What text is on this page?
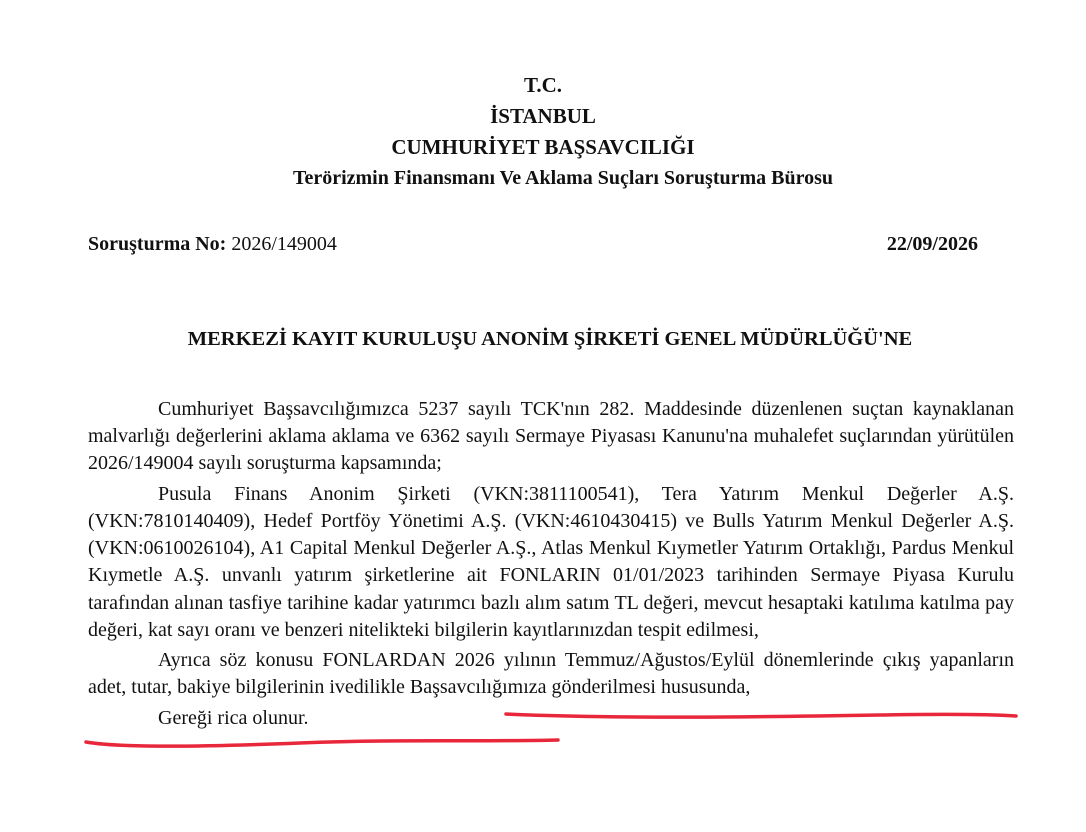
T.C.
İSTANBUL
CUMHURİYET BAŞSAVCILIĞI
Terörizmin Finansmanı Ve Aklama Suçları Soruşturma Bürosu
Soruşturma No: 2026/149004	22/09/2026
MERKEZİ KAYIT KURULUŞU ANONİM ŞİRKETİ GENEL MÜDÜRLÜĞÜ'NE

Cumhuriyet Başsavcılığımızca 5237 sayılı TCK'nın 282. Maddesinde düzenlenen suçtan kaynaklanan malvarlığı değerlerini aklama aklama ve 6362 sayılı Sermaye Piyasası Kanunu'na muhalefet suçlarından yürütülen 2026/149004 sayılı soruşturma kapsamında;

Pusula Finans Anonim Şirketi (VKN:3811100541), Tera Yatırım Menkul Değerler A.Ş. (VKN:7810140409), Hedef Portföy Yönetimi A.Ş. (VKN:4610430415) ve Bulls Yatırım Menkul Değerler A.Ş. (VKN:0610026104), A1 Capital Menkul Değerler A.Ş., Atlas Menkul Kıymetler Yatırım Ortaklığı, Pardus Menkul Kıymetle A.Ş. unvanlı yatırım şirketlerine ait FONLARIN 01/01/2023 tarihinden Sermaye Piyasa Kurulu tarafından alınan tasfiye tarihine kadar yatırımcı bazlı alım satım TL değeri, mevcut hesaptaki katılıma katılma pay değeri, kat sayı oranı ve benzeri nitelikteki bilgilerin kayıtlarınızdan tespit edilmesi,

Ayrıca söz konusu FONLARDAN 2026 yılının Temmuz/Ağustos/Eylül dönemlerinde çıkış yapanların adet, tutar, bakiye bilgilerinin ivedilikle Başsavcılığımıza gönderilmesi hususunda,

Gereği rica olunur.
